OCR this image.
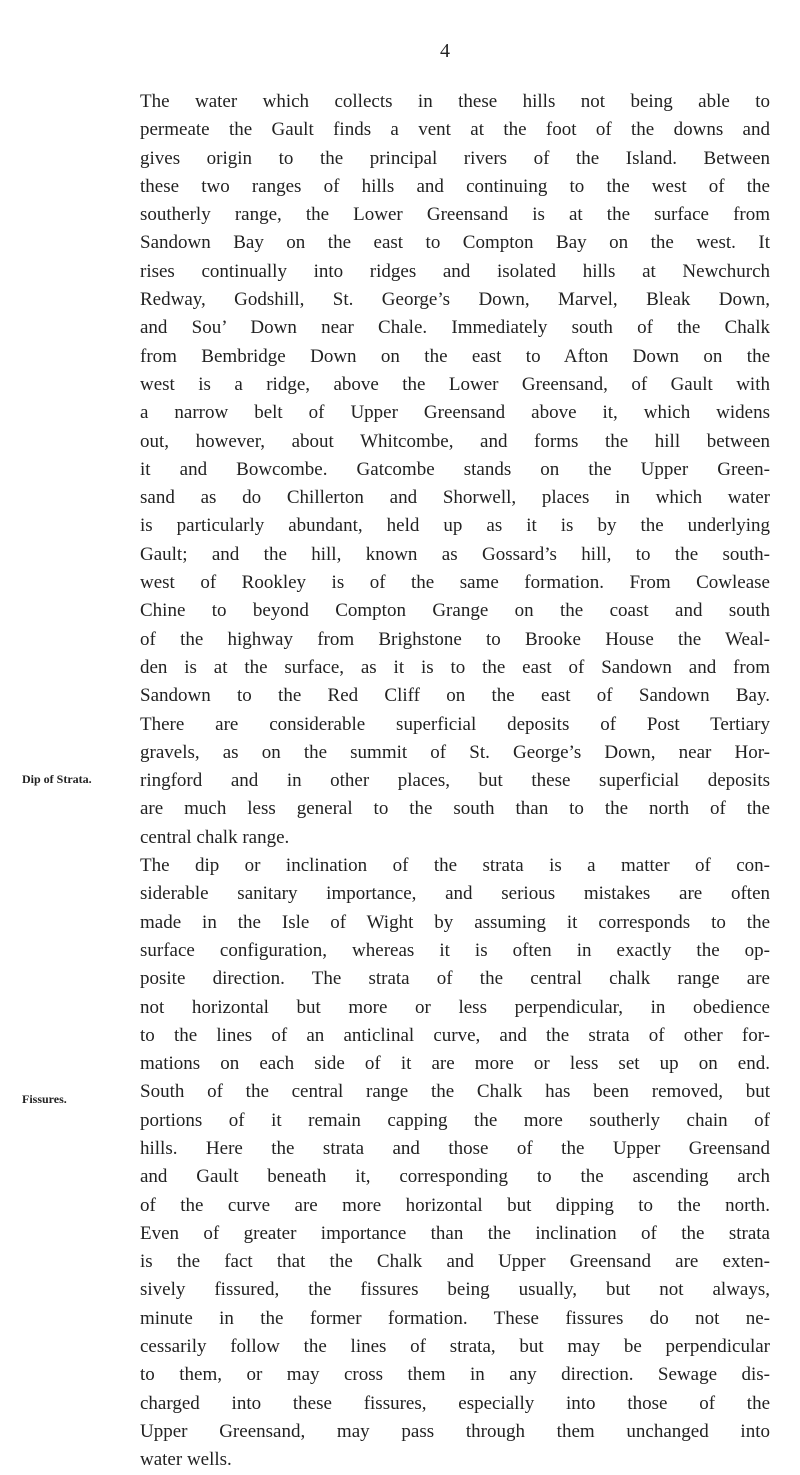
4
Dip of Strata.
Fissures.
The water which collects in these hills not being able to
permeate the Gault finds a vent at the foot of the downs and
gives origin to the principal rivers of the Island. Between
these two ranges of hills and continuing to the west of the
southerly range, the Lower Greensand is at the surface from
Sandown Bay on the east to Compton Bay on the west. It
rises continually into ridges and isolated hills at Newchurch
Redway, Godshill, St. George’s Down, Marvel, Bleak Down,
and Sou’ Down near Chale. Immediately south of the Chalk
from Bembridge Down on the east to Afton Down on the
west is a ridge, above the Lower Greensand, of Gault with
a narrow belt of Upper Greensand above it, which widens
out, however, about Whitcombe, and forms the hill between
it and Bowcombe. Gatcombe stands on the Upper Green-
sand as do Chillerton and Shorwell, places in which water
is particularly abundant, held up as it is by the underlying
Gault; and the hill, known as Gossard’s hill, to the south-
west of Rookley is of the same formation. From Cowlease
Chine to beyond Compton Grange on the coast and south
of the highway from Brighstone to Brooke House the Weal-
den is at the surface, as it is to the east of Sandown and from
Sandown to the Red Cliff on the east of Sandown Bay.
There are considerable superficial deposits of Post Tertiary
gravels, as on the summit of St. George’s Down, near Hor-
ringford and in other places, but these superficial deposits
are much less general to the south than to the north of the
central chalk range.
The dip or inclination of the strata is a matter of con-
siderable sanitary importance, and serious mistakes are often
made in the Isle of Wight by assuming it corresponds to the
surface configuration, whereas it is often in exactly the op-
posite direction. The strata of the central chalk range are
not horizontal but more or less perpendicular, in obedience
to the lines of an anticlinal curve, and the strata of other for-
mations on each side of it are more or less set up on end.
South of the central range the Chalk has been removed, but
portions of it remain capping the more southerly chain of
hills. Here the strata and those of the Upper Greensand
and Gault beneath it, corresponding to the ascending arch
of the curve are more horizontal but dipping to the north.
Even of greater importance than the inclination of the strata
is the fact that the Chalk and Upper Greensand are exten-
sively fissured, the fissures being usually, but not always,
minute in the former formation. These fissures do not ne-
cessarily follow the lines of strata, but may be perpendicular
to them, or may cross them in any direction. Sewage dis-
charged into these fissures, especially into those of the
Upper Greensand, may pass through them unchanged into
water wells.
